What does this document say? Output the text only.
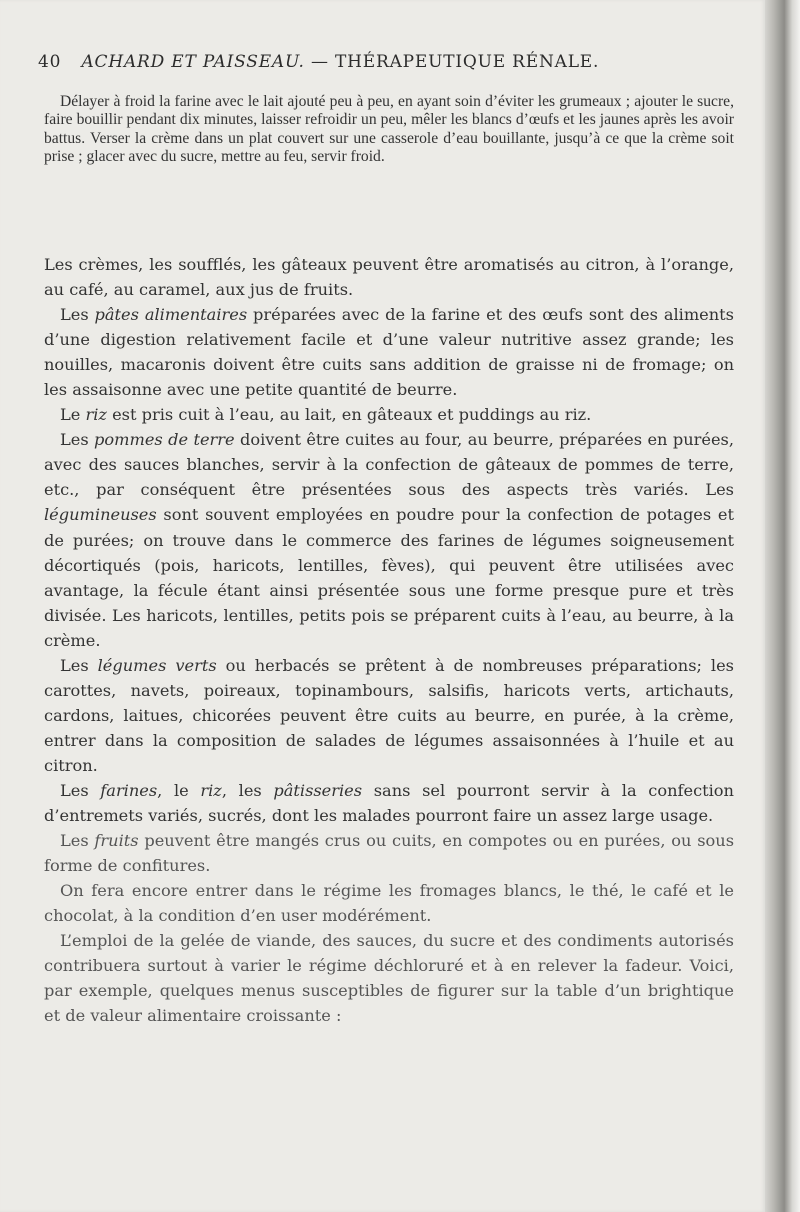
40 ACHARD ET PAISSEAU. — THÉRAPEUTIQUE RÉNALE.

Délayer à froid la farine avec le lait ajouté peu à peu, en ayant soin d’éviter les grumeaux ; ajouter le sucre, faire bouillir pendant dix minutes, laisser refroidir un peu, mêler les blancs d’œufs et les jaunes après les avoir battus. Verser la crème dans un plat couvert sur une casserole d’eau bouillante, jusqu’à ce que la crème soit prise ; glacer avec du sucre, mettre au feu, servir froid.

Les crèmes, les soufflés, les gâteaux peuvent être aromatisés au citron, à l’orange, au café, au caramel, aux jus de fruits.

Les pâtes alimentaires préparées avec de la farine et des œufs sont des aliments d’une digestion relativement facile et d’une valeur nutritive assez grande; les nouilles, macaronis doivent être cuits sans addition de graisse ni de fromage; on les assaisonne avec une petite quantité de beurre.

Le riz est pris cuit à l’eau, au lait, en gâteaux et puddings au riz.

Les pommes de terre doivent être cuites au four, au beurre, préparées en purées, avec des sauces blanches, servir à la confection de gâteaux de pommes de terre, etc., par conséquent être présentées sous des aspects très variés. Les légumineuses sont souvent employées en poudre pour la confection de potages et de purées; on trouve dans le commerce des farines de légumes soigneusement décortiqués (pois, haricots, lentilles, fèves), qui peuvent être utilisées avec avantage, la fécule étant ainsi présentée sous une forme presque pure et très divisée. Les haricots, lentilles, petits pois se préparent cuits à l’eau, au beurre, à la crème.

Les légumes verts ou herbacés se prêtent à de nombreuses préparations; les carottes, navets, poireaux, topinambours, salsifis, haricots verts, artichauts, cardons, laitues, chicorées peuvent être cuits au beurre, en purée, à la crème, entrer dans la composition de salades de légumes assaisonnées à l’huile et au citron.

Les farines, le riz, les pâtisseries sans sel pourront servir à la confection d’entremets variés, sucrés, dont les malades pourront faire un assez large usage.

Les fruits peuvent être mangés crus ou cuits, en compotes ou en purées, ou sous forme de confitures.

On fera encore entrer dans le régime les fromages blancs, le thé, le café et le chocolat, à la condition d’en user modérément.

L’emploi de la gelée de viande, des sauces, du sucre et des condiments autorisés contribuera surtout à varier le régime déchloruré et à en relever la fadeur. Voici, par exemple, quelques menus susceptibles de figurer sur la table d’un brightique et de valeur alimentaire croissante :
